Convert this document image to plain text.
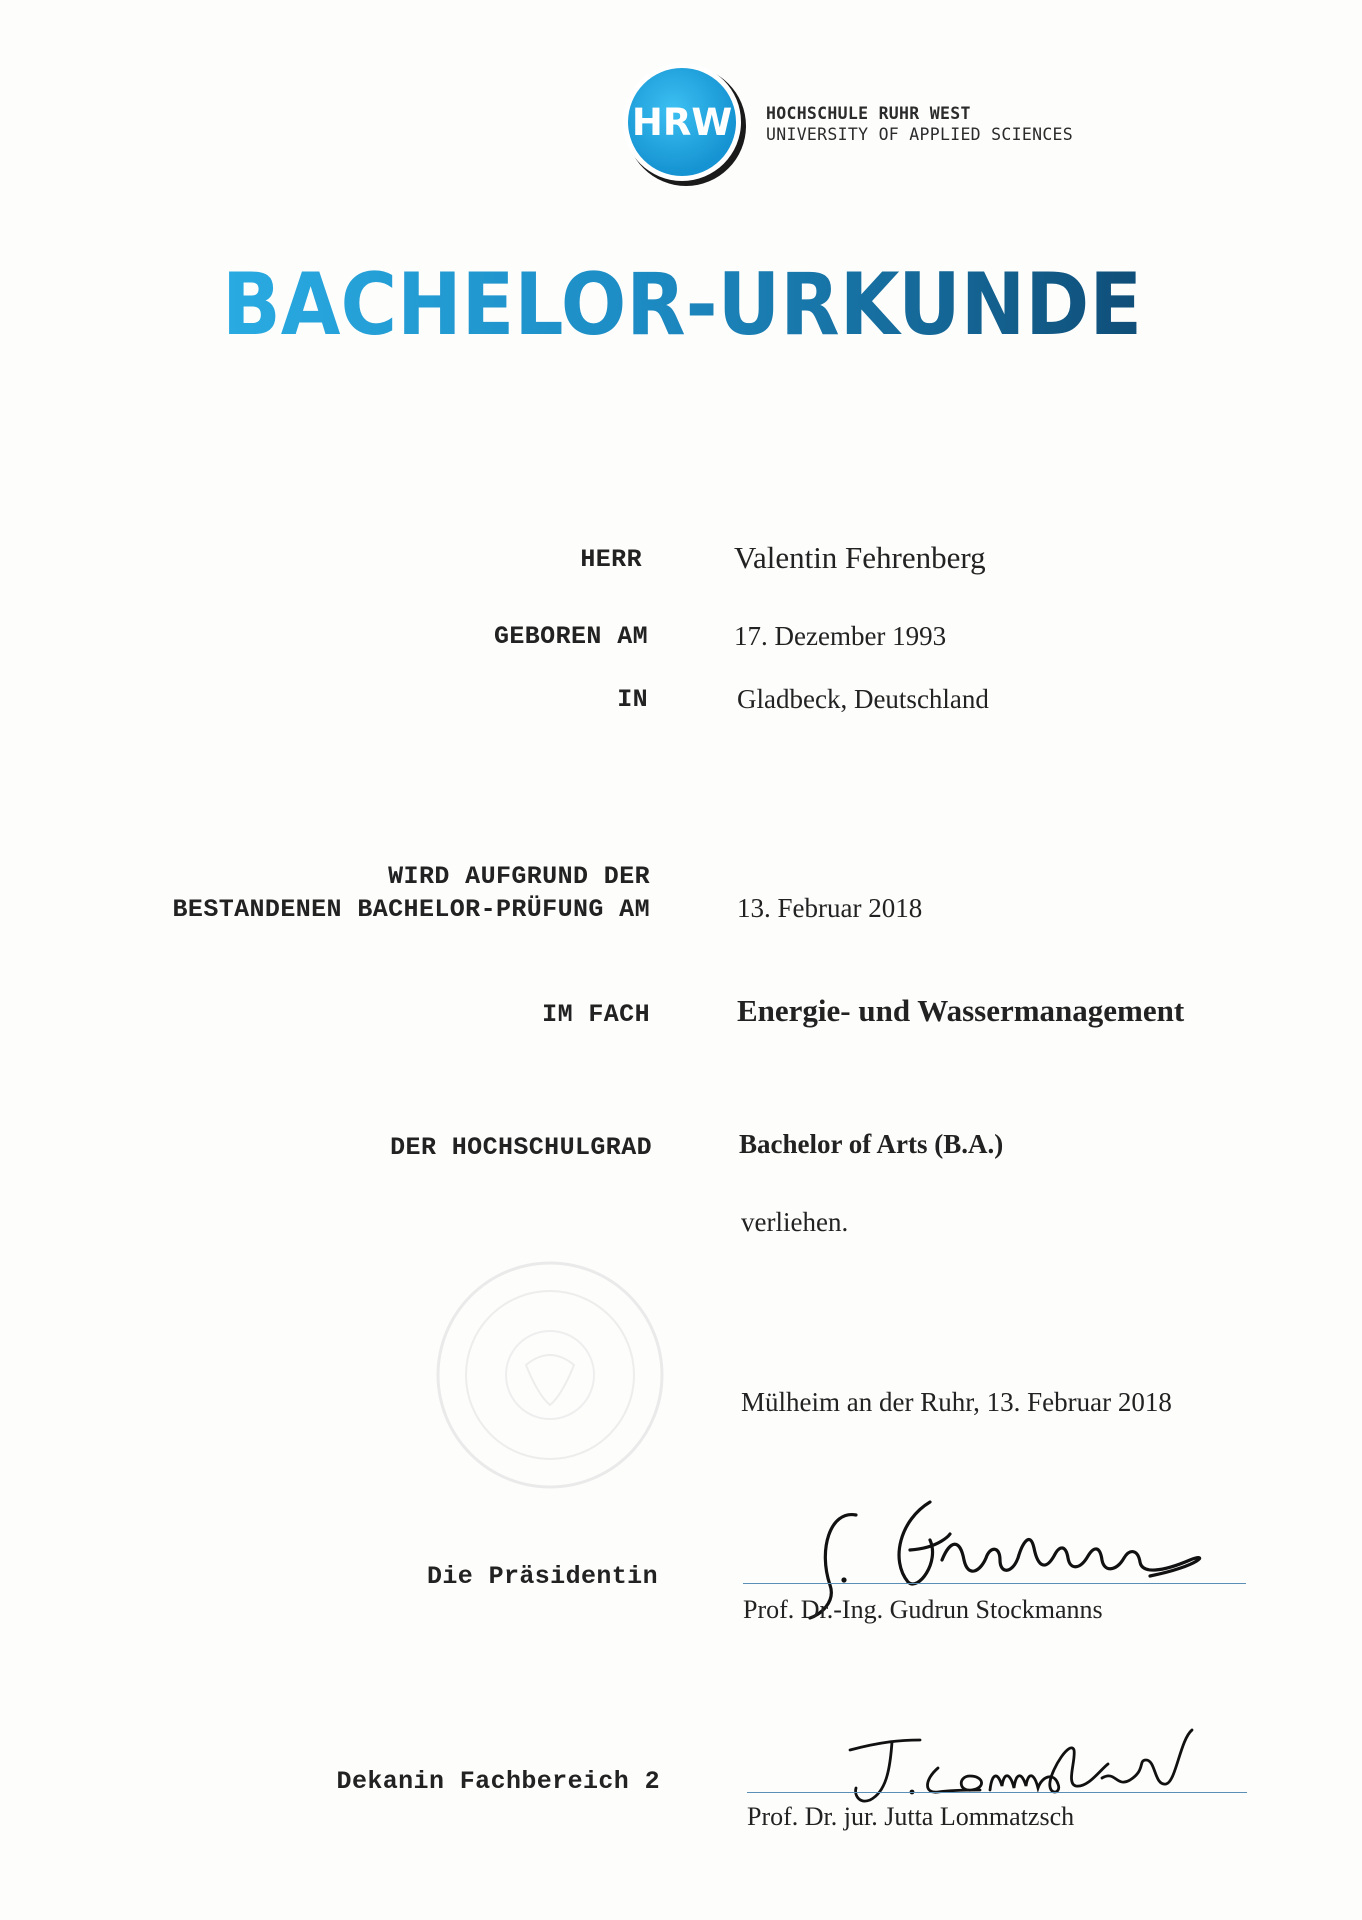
HRW HOCHSCHULE RUHR WEST
UNIVERSITY OF APPLIED SCIENCES
BACHELOR-URKUNDE
HERR
GEBOREN AM
IN
WIRD AUFGRUND DER
BESTANDENEN BACHELOR-PRÜFUNG AM
IM FACH
DER HOCHSCHULGRAD
Die Präsidentin
Dekanin Fachbereich 2
Valentin Fehrenberg
17. Dezember 1993
Gladbeck, Deutschland
13. Februar 2018
Energie- und Wassermanagement
Bachelor of Arts (B.A.)
verliehen.
Mülheim an der Ruhr, 13. Februar 2018
Prof. Dr.-Ing. Gudrun Stockmanns
Prof. Dr. jur. Jutta Lommatzsch
